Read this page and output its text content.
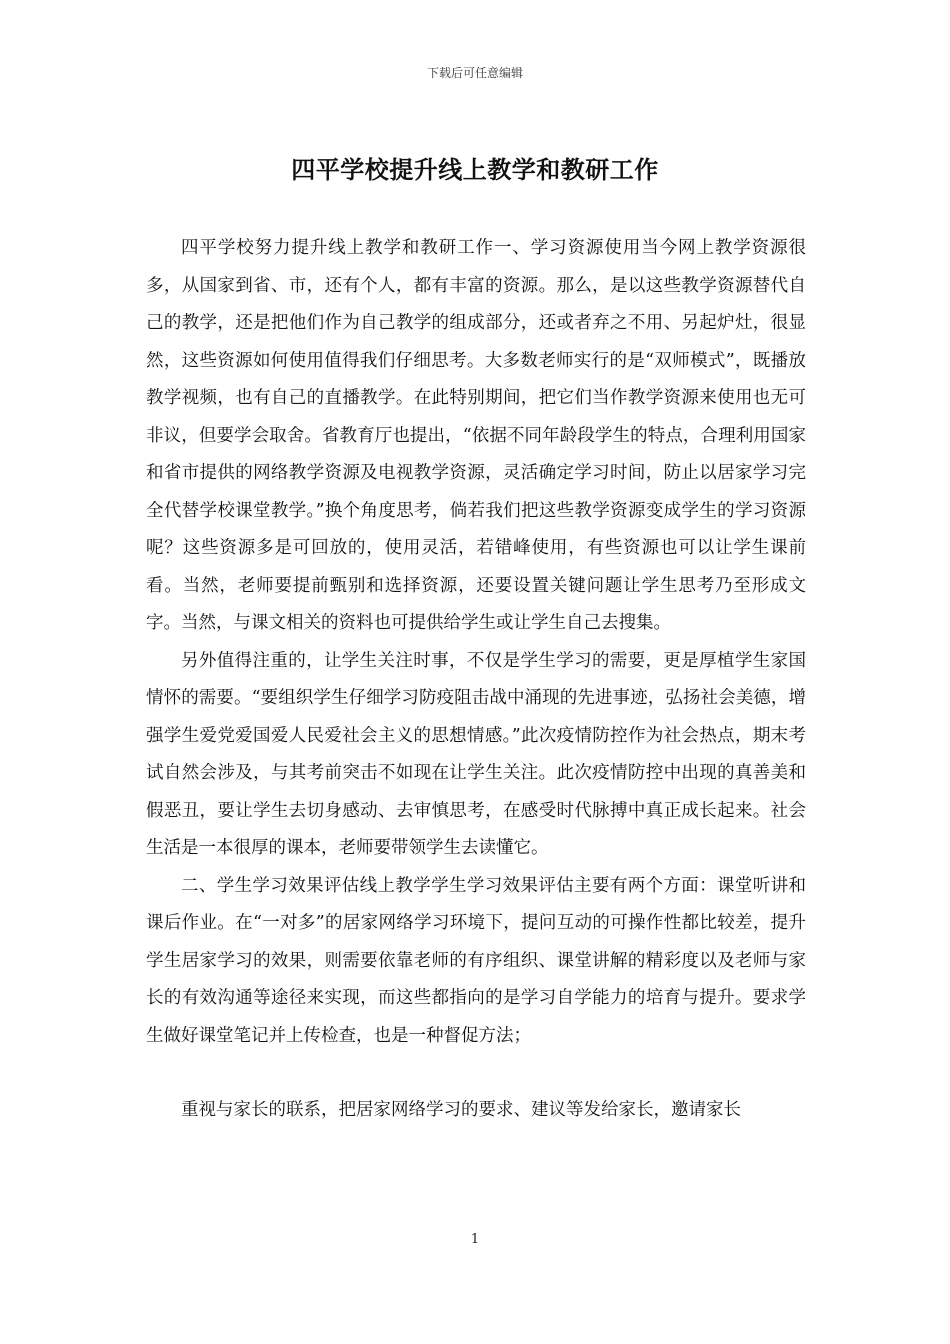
下载后可任意编辑
四平学校提升线上教学和教研工作

四平学校努力提升线上教学和教研工作一、学习资源使用当今网上教学资源很多，从国家到省、市，还有个人，都有丰富的资源。那么，是以这些教学资源替代自己的教学，还是把他们作为自己教学的组成部分，还或者弃之不用、另起炉灶，很显然，这些资源如何使用值得我们仔细思考。大多数老师实行的是“双师模式”，既播放教学视频，也有自己的直播教学。在此特别期间，把它们当作教学资源来使用也无可非议，但要学会取舍。省教育厅也提出，“依据不同年龄段学生的特点，合理利用国家和省市提供的网络教学资源及电视教学资源，灵活确定学习时间，防止以居家学习完全代替学校课堂教学。”换个角度思考，倘若我们把这些教学资源变成学生的学习资源呢？这些资源多是可回放的，使用灵活，若错峰使用，有些资源也可以让学生课前看。当然，老师要提前甄别和选择资源，还要设置关键问题让学生思考乃至形成文字。当然，与课文相关的资料也可提供给学生或让学生自己去搜集。

另外值得注重的，让学生关注时事，不仅是学生学习的需要，更是厚植学生家国情怀的需要。“要组织学生仔细学习防疫阻击战中涌现的先进事迹，弘扬社会美德，增强学生爱党爱国爱人民爱社会主义的思想情感。”此次疫情防控作为社会热点，期末考试自然会涉及，与其考前突击不如现在让学生关注。此次疫情防控中出现的真善美和假恶丑，要让学生去切身感动、去审慎思考，在感受时代脉搏中真正成长起来。社会生活是一本很厚的课本，老师要带领学生去读懂它。

二、学生学习效果评估线上教学学生学习效果评估主要有两个方面：课堂听讲和课后作业。在“一对多”的居家网络学习环境下，提问互动的可操作性都比较差，提升学生居家学习的效果，则需要依靠老师的有序组织、课堂讲解的精彩度以及老师与家长的有效沟通等途径来实现，而这些都指向的是学习自学能力的培育与提升。要求学生做好课堂笔记并上传检查，也是一种督促方法；

重视与家长的联系，把居家网络学习的要求、建议等发给家长，邀请家长

1
